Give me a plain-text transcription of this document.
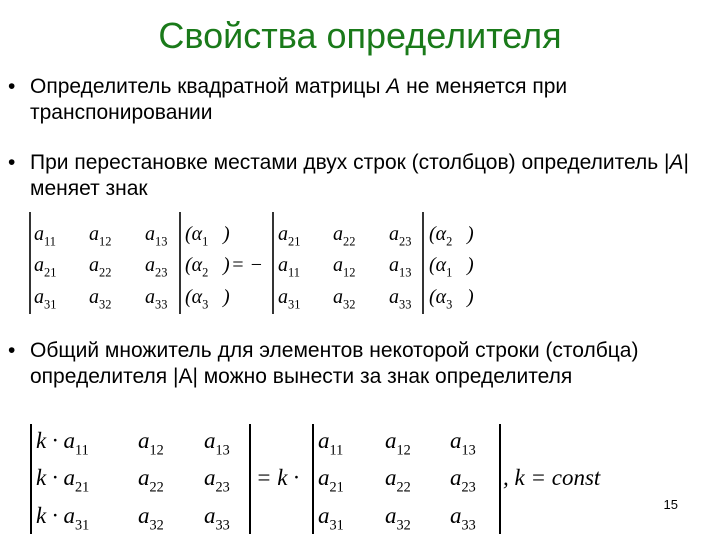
Свойства определителя
• Определитель квадратной матрицы A не меняется при транспонировании
• При перестановке местами двух строк (столбцов) определитель |A| меняет знак
• Общий множитель для элементов некоторой строки (столбца) определителя |А| можно вынести за знак определителя
$a_{11}$ $a_{12}$ $a_{13}$ ($\alpha_1$ )
$a_{21}$ $a_{22}$ $a_{23}$ ($\alpha_2$ )
$a_{31}$ $a_{32}$ $a_{33}$ ($\alpha_3$ )
= −
$a_{21}$ $a_{22}$ $a_{23}$ ($\alpha_2$ )
$a_{11}$ $a_{12}$ $a_{13}$ ($\alpha_1$ )
$a_{31}$ $a_{32}$ $a_{33}$ ($\alpha_3$ )
$k \cdot a_{11}$ $a_{12}$ $a_{13}$
$k \cdot a_{21}$ $a_{22}$ $a_{23}$
$k \cdot a_{31}$ $a_{32}$ $a_{33}$
= k ·
$a_{11}$ $a_{12}$ $a_{13}$
$a_{21}$ $a_{22}$ $a_{23}$
$a_{31}$ $a_{32}$ $a_{33}$
, k = const
15
